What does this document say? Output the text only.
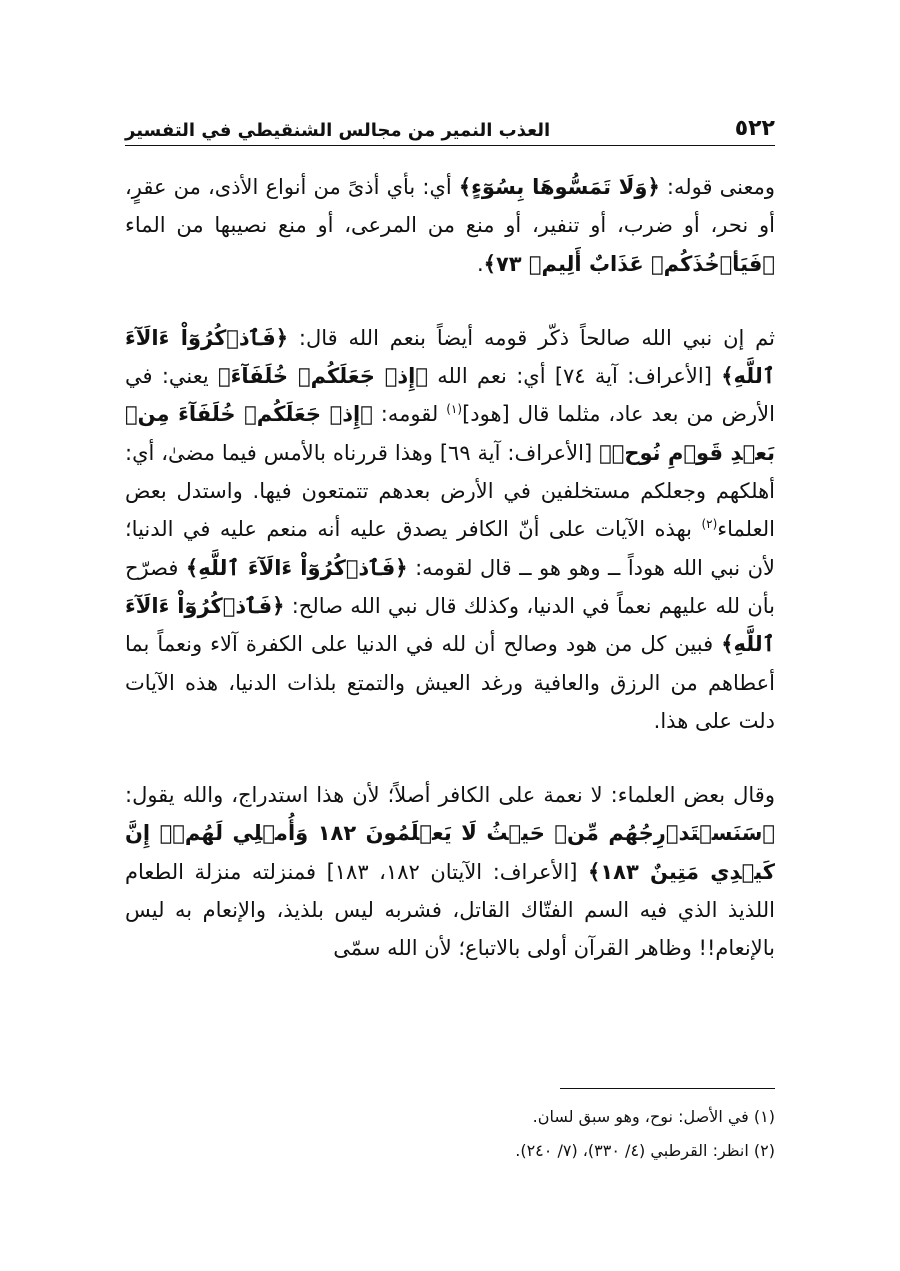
٥٢٢
العذب النمير من مجالس الشنقيطي في التفسير

ومعنى قوله: ﴿وَلَا تَمَسُّوهَا بِسُوٓءٍ﴾ أي: بأي أذىً من أنواع الأذى، من عقرٍ، أو نحر، أو ضرب، أو تنفير، أو منع من المرعى، أو منع نصيبها من الماء ﴿فَيَأۡخُذَكُمۡ عَذَابٌ أَلِيمٞ ٧٣﴾.

ثم إن نبي الله صالحاً ذكّر قومه أيضاً بنعم الله قال: ﴿فَٱذۡكُرُوٓاْ ءَالَآءَ ٱللَّهِ﴾ [الأعراف: آية ٧٤] أي: نعم الله ﴿إِذۡ جَعَلَكُمۡ خُلَفَآءَ﴾ يعني: في الأرض من بعد عاد، مثلما قال [هود]$^{(١)}$ لقومه: ﴿إِذۡ جَعَلَكُمۡ خُلَفَآءَ مِنۢ بَعۡدِ قَوۡمِ نُوحٖ﴾ [الأعراف: آية ٦٩] وهذا قررناه بالأمس فيما مضىٰ، أي: أهلكهم وجعلكم مستخلفين في الأرض بعدهم تتمتعون فيها. واستدل بعض العلماء$^{(٢)}$ بهذه الآيات على أنّ الكافر يصدق عليه أنه منعم عليه في الدنيا؛ لأن نبي الله هوداً ــ وهو هو ــ قال لقومه: ﴿فَٱذۡكُرُوٓاْ ءَالَآءَ ٱللَّهِ﴾ فصرّح بأن لله عليهم نعماً في الدنيا، وكذلك قال نبي الله صالح: ﴿فَٱذۡكُرُوٓاْ ءَالَآءَ ٱللَّهِ﴾ فبين كل من هود وصالح أن لله في الدنيا على الكفرة آلاء ونعماً بما أعطاهم من الرزق والعافية ورغد العيش والتمتع بلذات الدنيا، هذه الآيات دلت على هذا.

وقال بعض العلماء: لا نعمة على الكافر أصلاً؛ لأن هذا استدراج، والله يقول: ﴿سَنَسۡتَدۡرِجُهُم مِّنۡ حَيۡثُ لَا يَعۡلَمُونَ ١٨٢ وَأُمۡلِي لَهُمۡۚ إِنَّ كَيۡدِي مَتِينٌ ١٨٣﴾ [الأعراف: الآيتان ١٨٢، ١٨٣] فمنزلته منزلة الطعام اللذيذ الذي فيه السم الفتّاك القاتل، فشربه ليس بلذيذ، والإنعام به ليس بالإنعام!! وظاهر القرآن أولى بالاتباع؛ لأن الله سمّى

(١) في الأصل: نوح، وهو سبق لسان.

(٢) انظر: القرطبي (٤/ ٣٣٠)، (٧/ ٢٤٠).
